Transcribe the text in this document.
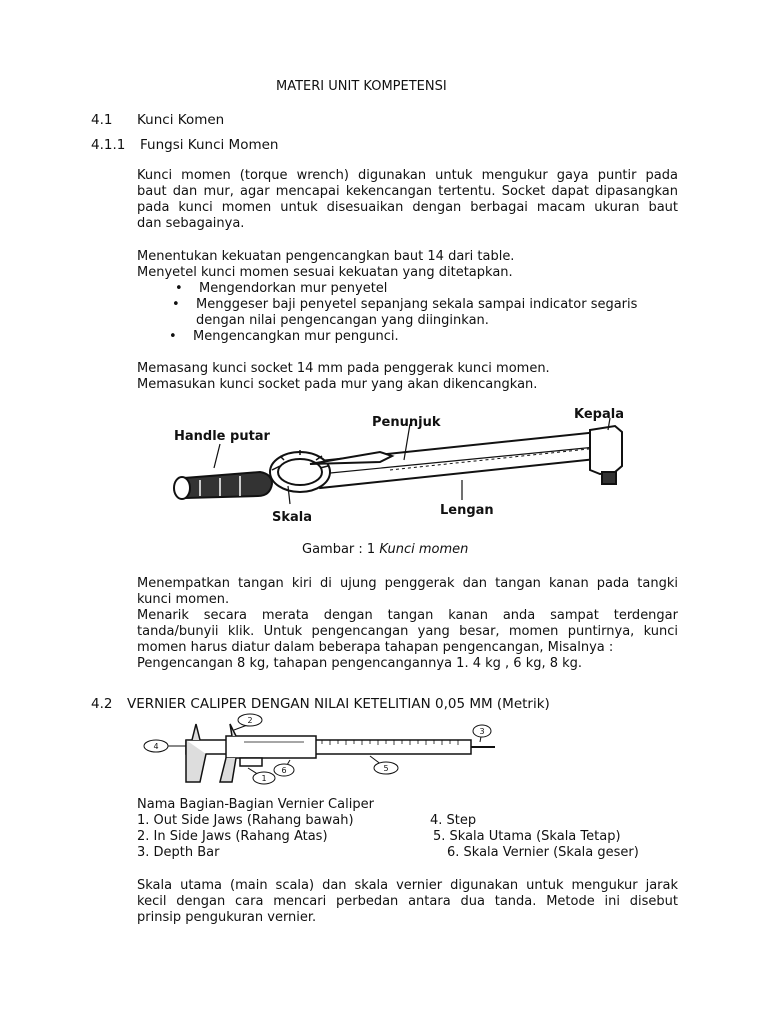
MATERI UNIT KOMPETENSI
4.1 Kunci Komen
4.1.1 Fungsi Kunci Momen
Kunci momen (torque wrench) digunakan untuk mengukur gaya puntir pada
baut dan mur, agar mencapai kekencangan tertentu. Socket dapat dipasangkan
pada kunci momen untuk disesuaikan dengan berbagai macam ukuran baut
dan sebagainya.
Menentukan kekuatan pengencangkan baut 14 dari table.
Menyetel kunci momen sesuai kekuatan yang ditetapkan.
• Mengendorkan mur penyetel
• Menggeser baji penyetel sepanjang sekala sampai indicator segaris
dengan nilai pengencangan yang diinginkan.
• Mengencangkan mur pengunci.
Memasang kunci socket 14 mm pada penggerak kunci momen.
Memasukan kunci socket pada mur yang akan dikencangkan.
Handle putar
Penunjuk
Kepala
Skala	Lengan
Gambar : 1 Kunci momen
Menempatkan tangan kiri di ujung penggerak dan tangan kanan pada tangki
kunci momen.
Menarik secara merata dengan tangan kanan anda sampat terdengar
tanda/bunyii klik. Untuk pengencangan yang besar, momen puntirnya, kunci
momen harus diatur dalam beberapa tahapan pengencangan, Misalnya :
Pengencangan 8 kg, tahapan pengencangannya 1. 4 kg , 6 kg, 8 kg.
4.2 VERNIER CALIPER DENGAN NILAI KETELITIAN 0,05 MM (Metrik)
4
2
3
5
6
1
Nama Bagian-Bagian Vernier Caliper
1. Out Side Jaws (Rahang bawah)
2. In Side Jaws (Rahang Atas)
3. Depth Bar
4. Step
5. Skala Utama (Skala Tetap)
6. Skala Vernier (Skala geser)
Skala utama (main scala) dan skala vernier digunakan untuk mengukur jarak
kecil dengan cara mencari perbedan antara dua tanda. Metode ini disebut
prinsip pengukuran vernier.
